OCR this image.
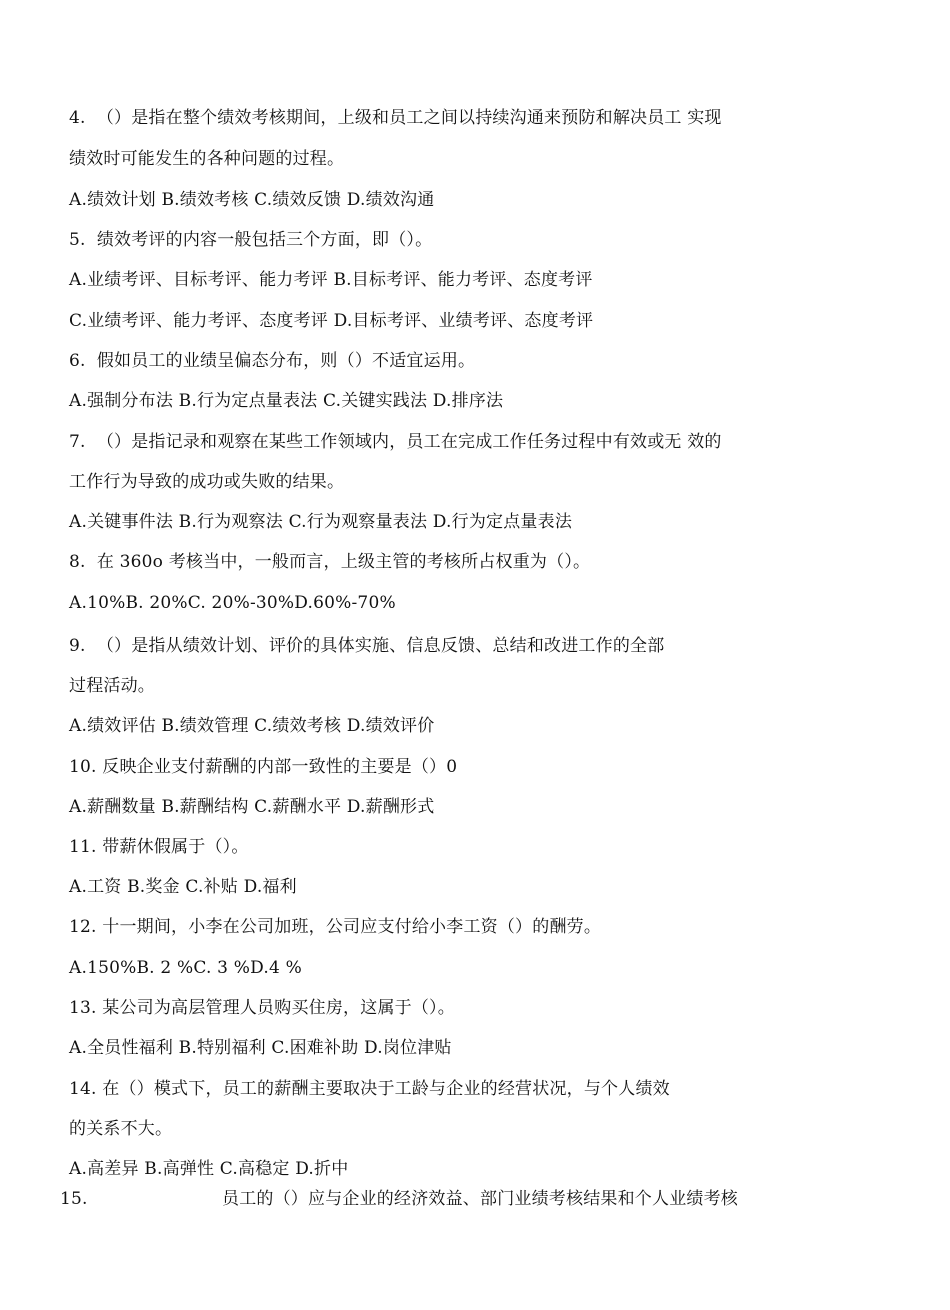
4.  （）是指在整个绩效考核期间，上级和员工之间以持续沟通来预防和解决员工 实现
绩效时可能发生的各种问题的过程。
A.绩效计划 B.绩效考核 C.绩效反馈 D.绩效沟通
5.  绩效考评的内容一般包括三个方面，即（）。
A.业绩考评、目标考评、能力考评 B.目标考评、能力考评、态度考评
C.业绩考评、能力考评、态度考评 D.目标考评、业绩考评、态度考评
6.  假如员工的业绩呈偏态分布，则（）不适宜运用。
A.强制分布法 B.行为定点量表法 C.关键实践法 D.排序法
7.  （）是指记录和观察在某些工作领域内，员工在完成工作任务过程中有效或无 效的
工作行为导致的成功或失败的结果。
A.关键事件法 B.行为观察法 C.行为观察量表法 D.行为定点量表法
8.  在 360o 考核当中，一般而言，上级主管的考核所占权重为（）。
A.10%B. 20%C. 20%-30%D.60%-70%
9.  （）是指从绩效计划、评价的具体实施、信息反馈、总结和改进工作的全部
过程活动。
A.绩效评估 B.绩效管理 C.绩效考核 D.绩效评价
10. 反映企业支付薪酬的内部一致性的主要是（）0
A.薪酬数量 B.薪酬结构 C.薪酬水平 D.薪酬形式
11. 带薪休假属于（）。
A.工资 B.奖金 C.补贴 D.福利
12. 十一期间，小李在公司加班，公司应支付给小李工资（）的酬劳。
A.150%B. 2 %C. 3 %D.4 %
13. 某公司为高层管理人员购买住房，这属于（）。
A.全员性福利 B.特别福利 C.困难补助 D.岗位津贴
14. 在（）模式下，员工的薪酬主要取决于工龄与企业的经营状况，与个人绩效
的关系不大。
A.高差异 B.高弹性 C.高稳定 D.折中
15.	员工的（）应与企业的经济效益、部门业绩考核结果和个人业绩考核
